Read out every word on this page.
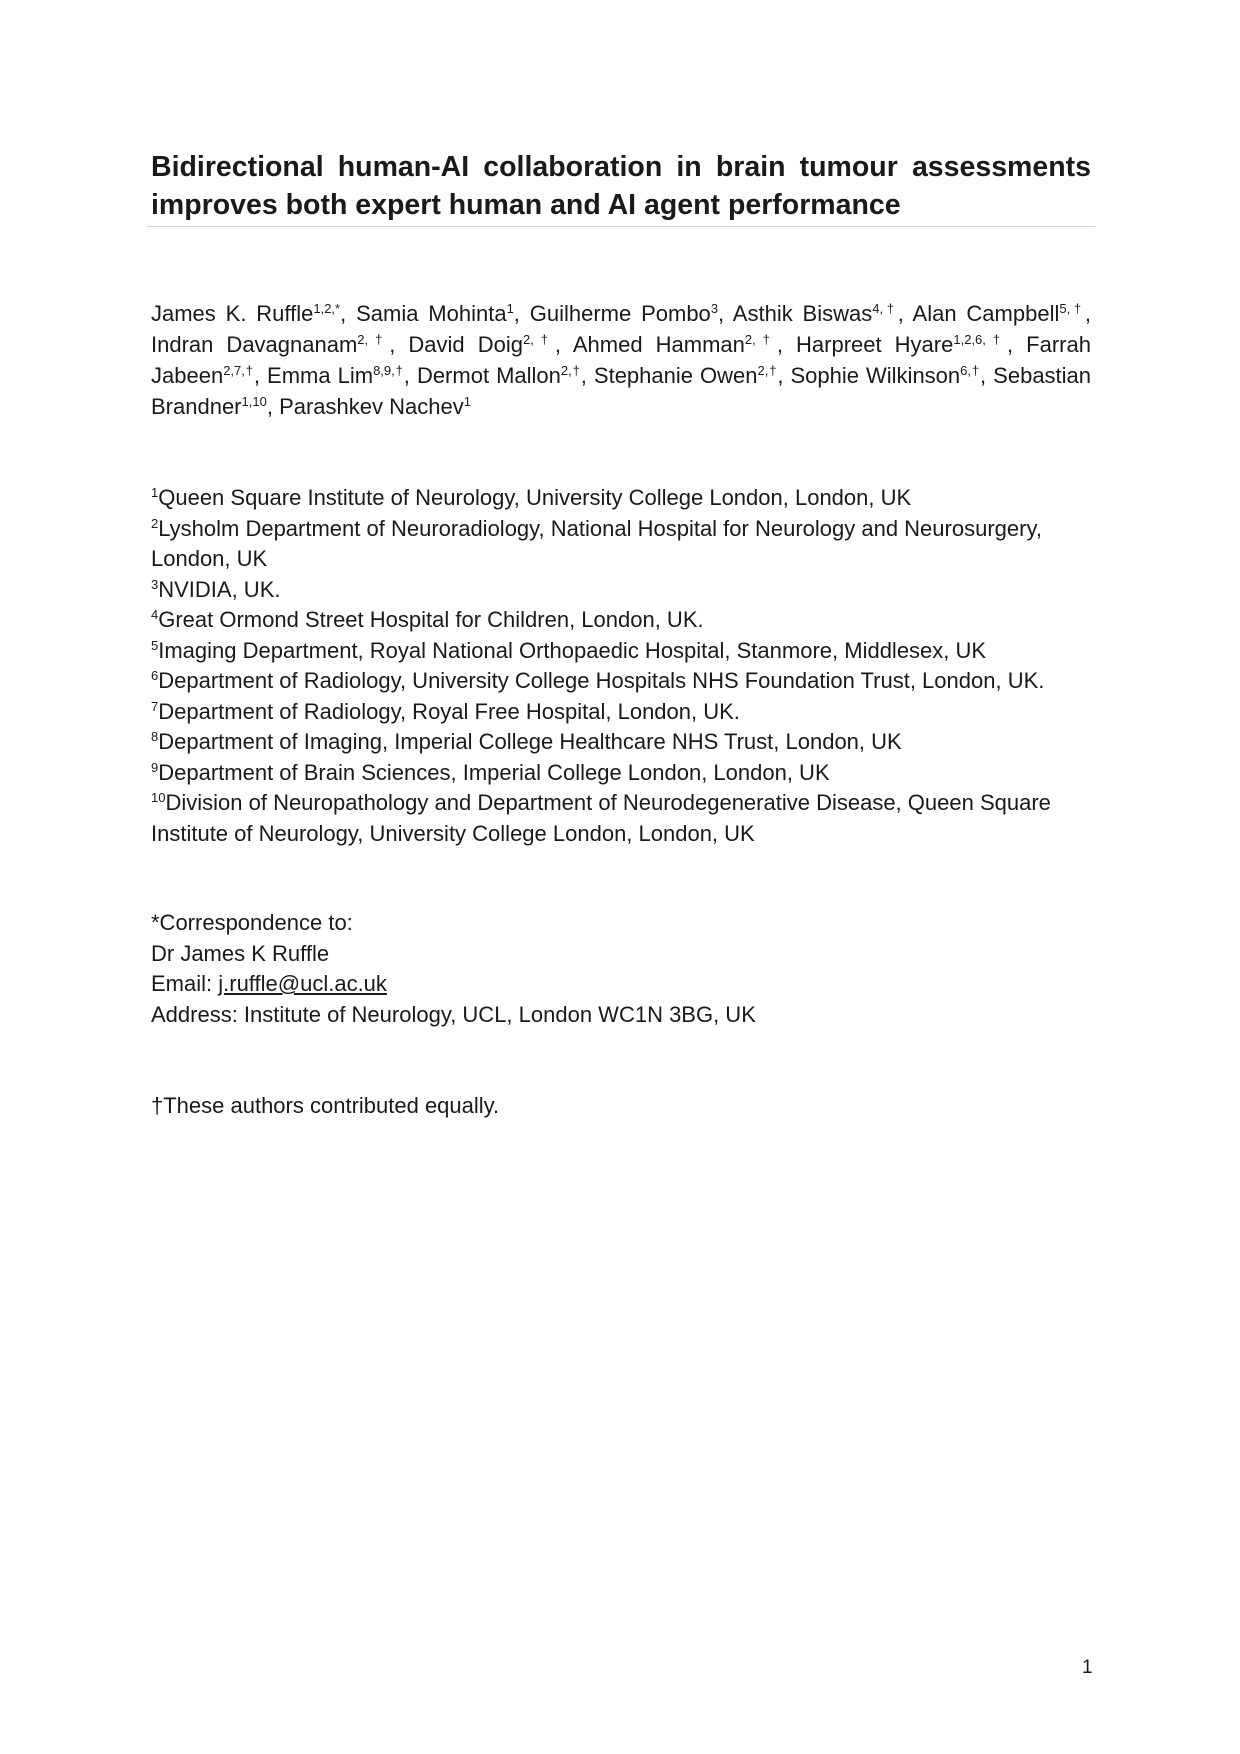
Bidirectional human-AI collaboration in brain tumour assessments improves both expert human and AI agent performance

James K. Ruffle$^{1,2,*}$, Samia Mohinta$^1$, Guilherme Pombo$^3$, Asthik Biswas$^{4,\dagger}$, Alan Campbell$^{5,\dagger}$, Indran Davagnanam$^{2,\dagger}$, David Doig$^{2,\dagger}$, Ahmed Hamman$^{2,\dagger}$, Harpreet Hyare$^{1,2,6,\dagger}$, Farrah Jabeen$^{2,7,\dagger}$, Emma Lim$^{8,9,\dagger}$, Dermot Mallon$^{2,\dagger}$, Stephanie Owen$^{2,\dagger}$, Sophie Wilkinson$^{6,\dagger}$, Sebastian Brandner$^{1,10}$, Parashkev Nachev$^1$

$^1$Queen Square Institute of Neurology, University College London, London, UK
$^2$Lysholm Department of Neuroradiology, National Hospital for Neurology and Neurosurgery, London, UK
$^3$NVIDIA, UK.
$^4$Great Ormond Street Hospital for Children, London, UK.
$^5$Imaging Department, Royal National Orthopaedic Hospital, Stanmore, Middlesex, UK
$^6$Department of Radiology, University College Hospitals NHS Foundation Trust, London, UK.
$^7$Department of Radiology, Royal Free Hospital, London, UK.
$^8$Department of Imaging, Imperial College Healthcare NHS Trust, London, UK
$^9$Department of Brain Sciences, Imperial College London, London, UK
$^{10}$Division of Neuropathology and Department of Neurodegenerative Disease, Queen Square Institute of Neurology, University College London, London, UK
*Correspondence to:
Dr James K Ruffle
Email: j.ruffle@ucl.ac.uk
Address: Institute of Neurology, UCL, London WC1N 3BG, UK
†These authors contributed equally.
1
